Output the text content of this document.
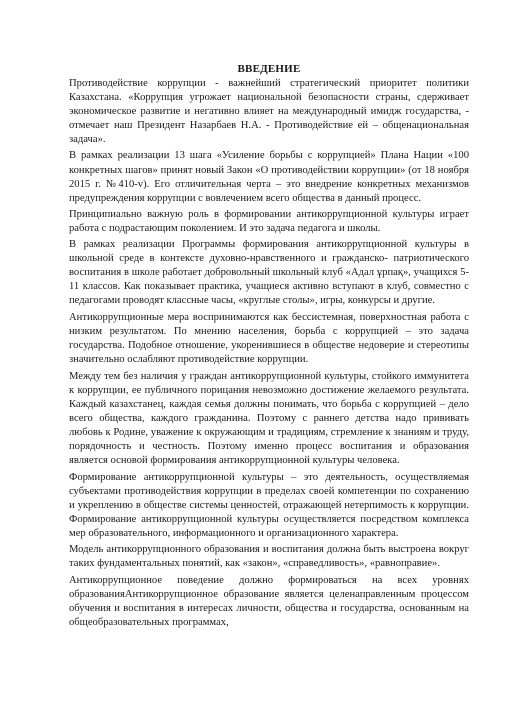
ВВЕДЕНИЕ

Противодействие коррупции - важнейший стратегический приоритет политики Казахстана. «Коррупция угрожает национальной безопасности страны, сдерживает экономическое развитие и негативно влияет на международный имидж государства, - отмечает наш Президент Назарбаев Н.А. - Противодействие ей – общенациональная задача».

В рамках реализации 13 шага «Усиление борьбы с коррупцией» Плана Нации «100 конкретных шагов» принят новый Закон «О противодействии коррупции» (от 18 ноября 2015 г. №410-v). Его отличительная черта – это внедрение конкретных механизмов предупреждения коррупции с вовлечением всего общества в данный процесс.

Принципиально важную роль в формировании антикоррупционной культуры играет работа с подрастающим поколением. И это задача педагога и школы.

В рамках реализации Программы формирования антикоррупционной культуры в школьной среде в контексте духовно-нравственного и гражданско- патриотического воспитания в школе работает добровольный школьный клуб «Адал ұрпақ», учащихся 5-11 классов. Как показывает практика, учащиеся активно вступают в клуб, совместно с педагогами проводят классные часы, «круглые столы», игры, конкурсы и другие.

Антикоррупционные мера воспринимаются как бессистемная, поверхностная работа с низким результатом. По мнению населения, борьба с коррупцией – это задача государства. Подобное отношение, укоренившиеся в обществе недоверие и стереотипы значительно ослабляют противодействие коррупции.

Между тем без наличия у граждан антикоррупционной культуры, стойкого иммунитета к коррупции, ее публичного порицания невозможно достижение желаемого результата. Каждый казахстанец, каждая семья должны понимать, что борьба с коррупцией – дело всего общества, каждого гражданина. Поэтому с раннего детства надо прививать любовь к Родине, уважение к окружающим и традициям, стремление к знаниям и труду, порядочность и честность. Поэтому именно процесс воспитания и образования является основой формирования антикоррупционной культуры человека.

Формирование антикоррупционной культуры – это деятельность, осуществляемая субъектами противодействия коррупции в пределах своей компетенции по сохранению и укреплению в обществе системы ценностей, отражающей нетерпимость к коррупции. Формирование антикоррупционной культуры осуществляется посредством комплекса мер образовательного, информационного и организационного характера.

Модель антикоррупционного образования и воспитания должна быть выстроена вокруг таких фундаментальных понятий, как «закон», «справедливость», «равноправие».

Антикоррупционное поведение должно формироваться на всех уровнях образованияАнтикоррупционное образование является целенаправленным процессом обучения и воспитания в интересах личности, общества и государства, основанным на общеобразовательных программах,
